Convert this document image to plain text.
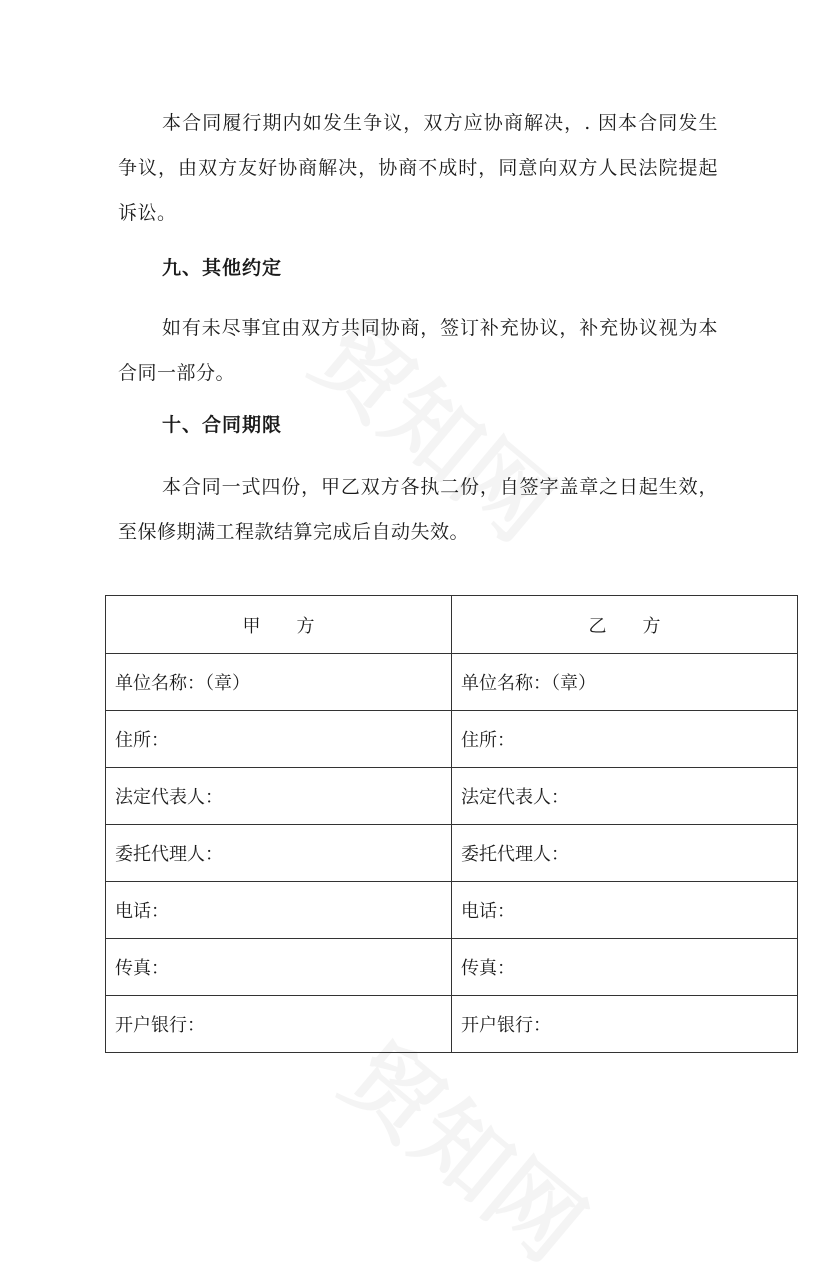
本合同履行期内如发生争议，双方应协商解决，. 因本合同发生争议，由双方友好协商解决，协商不成时，同意向双方人民法院提起诉讼。

九、其他约定

如有未尽事宜由双方共同协商，签订补充协议，补充协议视为本合同一部分。

十、合同期限

本合同一式四份，甲乙双方各执二份，自签字盖章之日起生效，至保修期满工程款结算完成后自动失效。

甲方	乙方
单位名称：（章）	单位名称：（章）
住所：	住所：
法定代表人：	法定代表人：
委托代理人：	委托代理人：
电话：	电话：
传真：	传真：
开户银行：	开户银行：
